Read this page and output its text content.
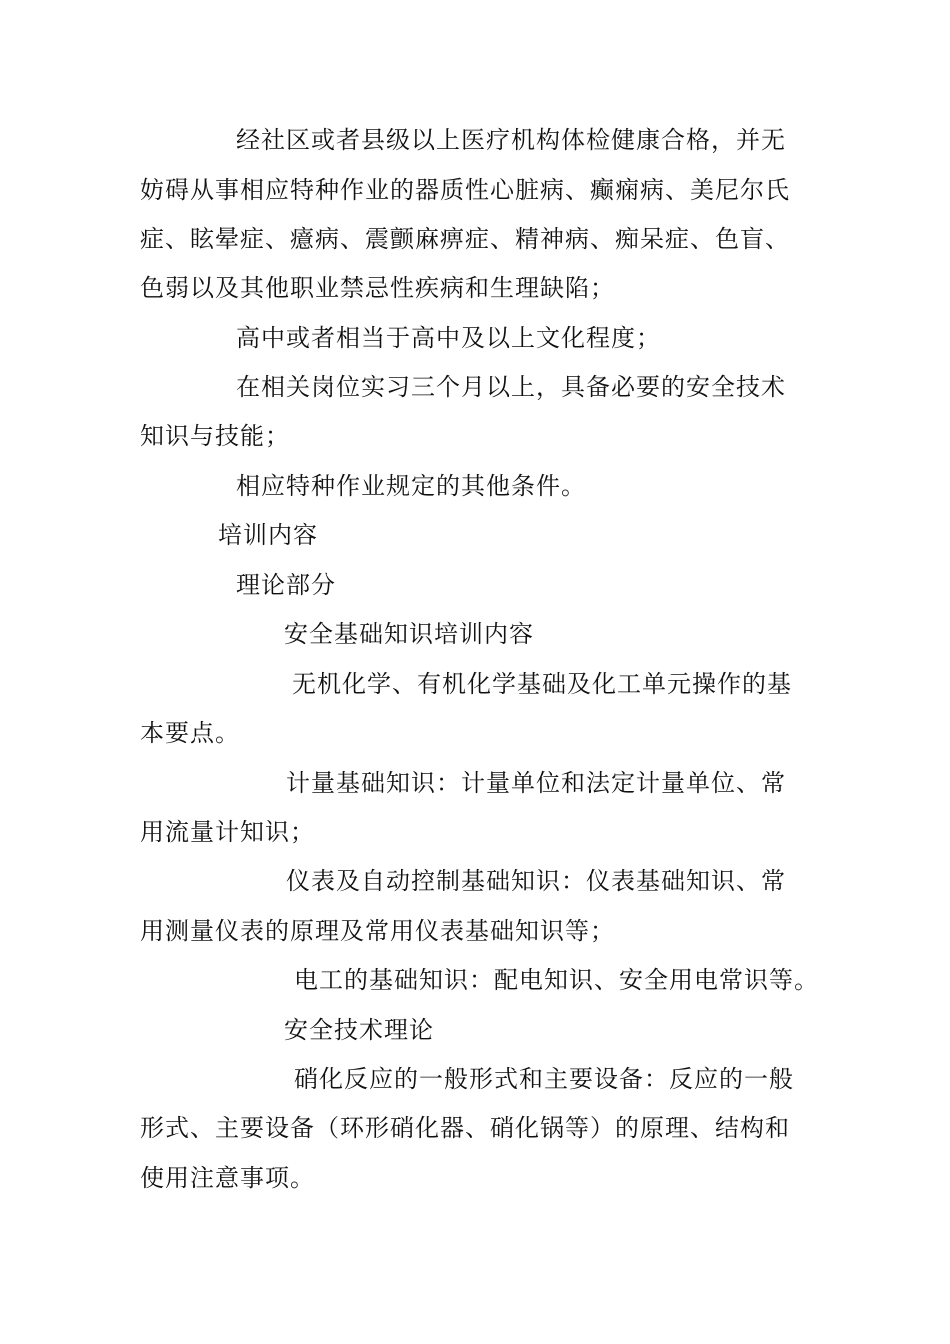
经社区或者县级以上医疗机构体检健康合格，并无
妨碍从事相应特种作业的器质性心脏病、癫痫病、美尼尔氏
症、眩晕症、癔病、震颤麻痹症、精神病、痴呆症、色盲、
色弱以及其他职业禁忌性疾病和生理缺陷；
高中或者相当于高中及以上文化程度；
在相关岗位实习三个月以上，具备必要的安全技术
知识与技能；
相应特种作业规定的其他条件。
培训内容
理论部分
安全基础知识培训内容
无机化学、有机化学基础及化工单元操作的基
本要点。
计量基础知识：计量单位和法定计量单位、常
用流量计知识；
仪表及自动控制基础知识：仪表基础知识、常
用测量仪表的原理及常用仪表基础知识等；
电工的基础知识：配电知识、安全用电常识等。
安全技术理论
硝化反应的一般形式和主要设备：反应的一般
形式、主要设备（环形硝化器、硝化锅等）的原理、结构和
使用注意事项。
